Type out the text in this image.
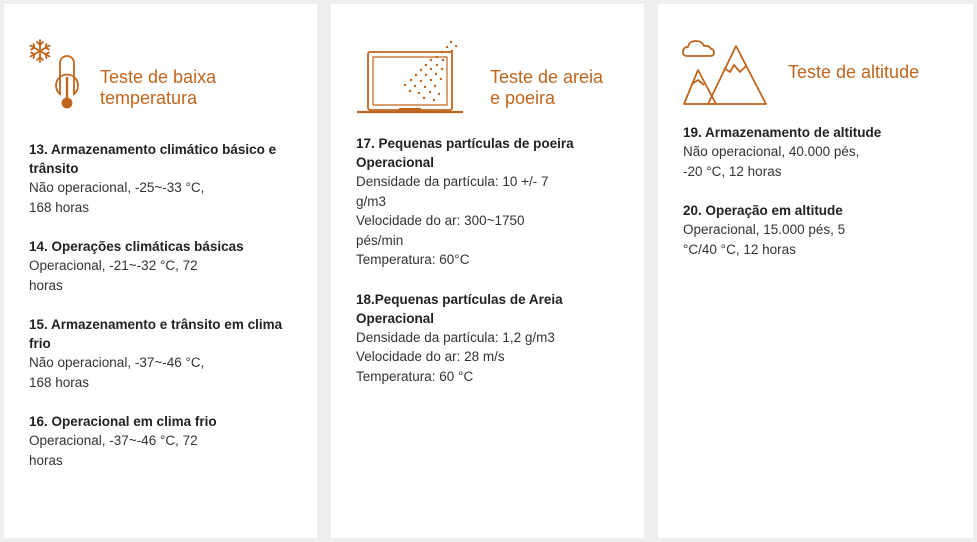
Teste de baixa
temperatura
13. Armazenamento climático básico e
trânsito
Não operacional, -25~-33 °C,
168 horas
14. Operações climáticas básicas
Operacional, -21~-32 °C, 72
horas
15. Armazenamento e trânsito em clima
frio
Não operacional, -37~-46 °C,
168 horas
16. Operacional em clima frio
Operacional, -37~-46 °C, 72
horas
Teste de areia
e poeira
17. Pequenas partículas de poeira
Operacional
Densidade da partícula: 10 +/- 7
g/m3
Velocidade do ar: 300~1750
pés/min
Temperatura: 60°C
18.Pequenas partículas de Areia
Operacional
Densidade da partícula: 1,2 g/m3
Velocidade do ar: 28 m/s
Temperatura: 60 °C
Teste de altitude
19. Armazenamento de altitude
Não operacional, 40.000 pés,
-20 °C, 12 horas
20. Operação em altitude
Operacional, 15.000 pés, 5
°C/40 °C, 12 horas
